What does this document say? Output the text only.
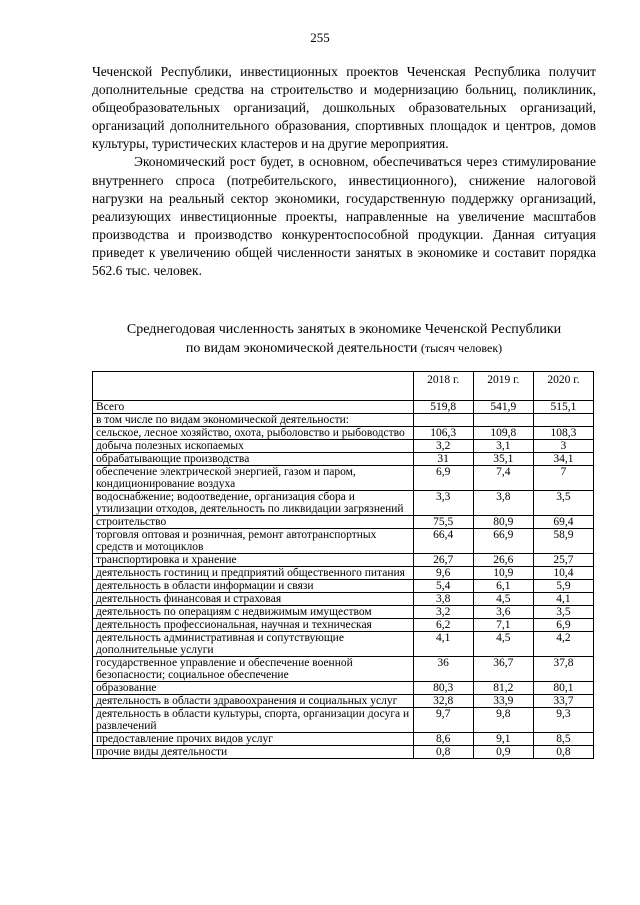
255

Чеченской Республики, инвестиционных проектов Чеченская Республика получит дополнительные средства на строительство и модернизацию больниц, поликлиник, общеобразовательных организаций, дошкольных образовательных организаций, организаций дополнительного образования, спортивных площадок и центров, домов культуры, туристических кластеров и на другие мероприятия.

Экономический рост будет, в основном, обеспечиваться через стимулирование внутреннего спроса (потребительского, инвестиционного), снижение налоговой нагрузки на реальный сектор экономики, государственную поддержку организаций, реализующих инвестиционные проекты, направленные на увеличение масштабов производства и производство конкурентоспособной продукции. Данная ситуация приведет к увеличению общей численности занятых в экономике и составит порядка 562.6 тыс. человек.

Среднегодовая численность занятых в экономике Чеченской Республики
по видам экономической деятельности (тысяч человек)
	2018 г.	2019 г.	2020 г.
Всего	519,8	541,9	515,1
в том числе по видам экономической деятельности:			
сельское, лесное хозяйство, охота, рыболовство и рыбоводство	106,3	109,8	108,3
добыча полезных ископаемых	3,2	3,1	3
обрабатывающие производства	31	35,1	34,1
обеспечение электрической энергией, газом и паром, кондиционирование воздуха	6,9	7,4	7
водоснабжение; водоотведение, организация сбора и утилизации отходов, деятельность по ликвидации загрязнений	3,3	3,8	3,5
строительство	75,5	80,9	69,4
торговля оптовая и розничная, ремонт автотранспортных средств и мотоциклов	66,4	66,9	58,9
транспортировка и хранение	26,7	26,6	25,7
деятельность гостиниц и предприятий общественного питания	9,6	10,9	10,4
деятельность в области информации и связи	5,4	6,1	5,9
деятельность финансовая и страховая	3,8	4,5	4,1
деятельность по операциям с недвижимым имуществом	3,2	3,6	3,5
деятельность профессиональная, научная и техническая	6,2	7,1	6,9
деятельность административная и сопутствующие дополнительные услуги	4,1	4,5	4,2
государственное управление и обеспечение военной безопасности; социальное обеспечение	36	36,7	37,8
образование	80,3	81,2	80,1
деятельность в области здравоохранения и социальных услуг	32,8	33,9	33,7
деятельность в области культуры, спорта, организации досуга и развлечений	9,7	9,8	9,3
предоставление прочих видов услуг	8,6	9,1	8,5
прочие виды деятельности	0,8	0,9	0,8
